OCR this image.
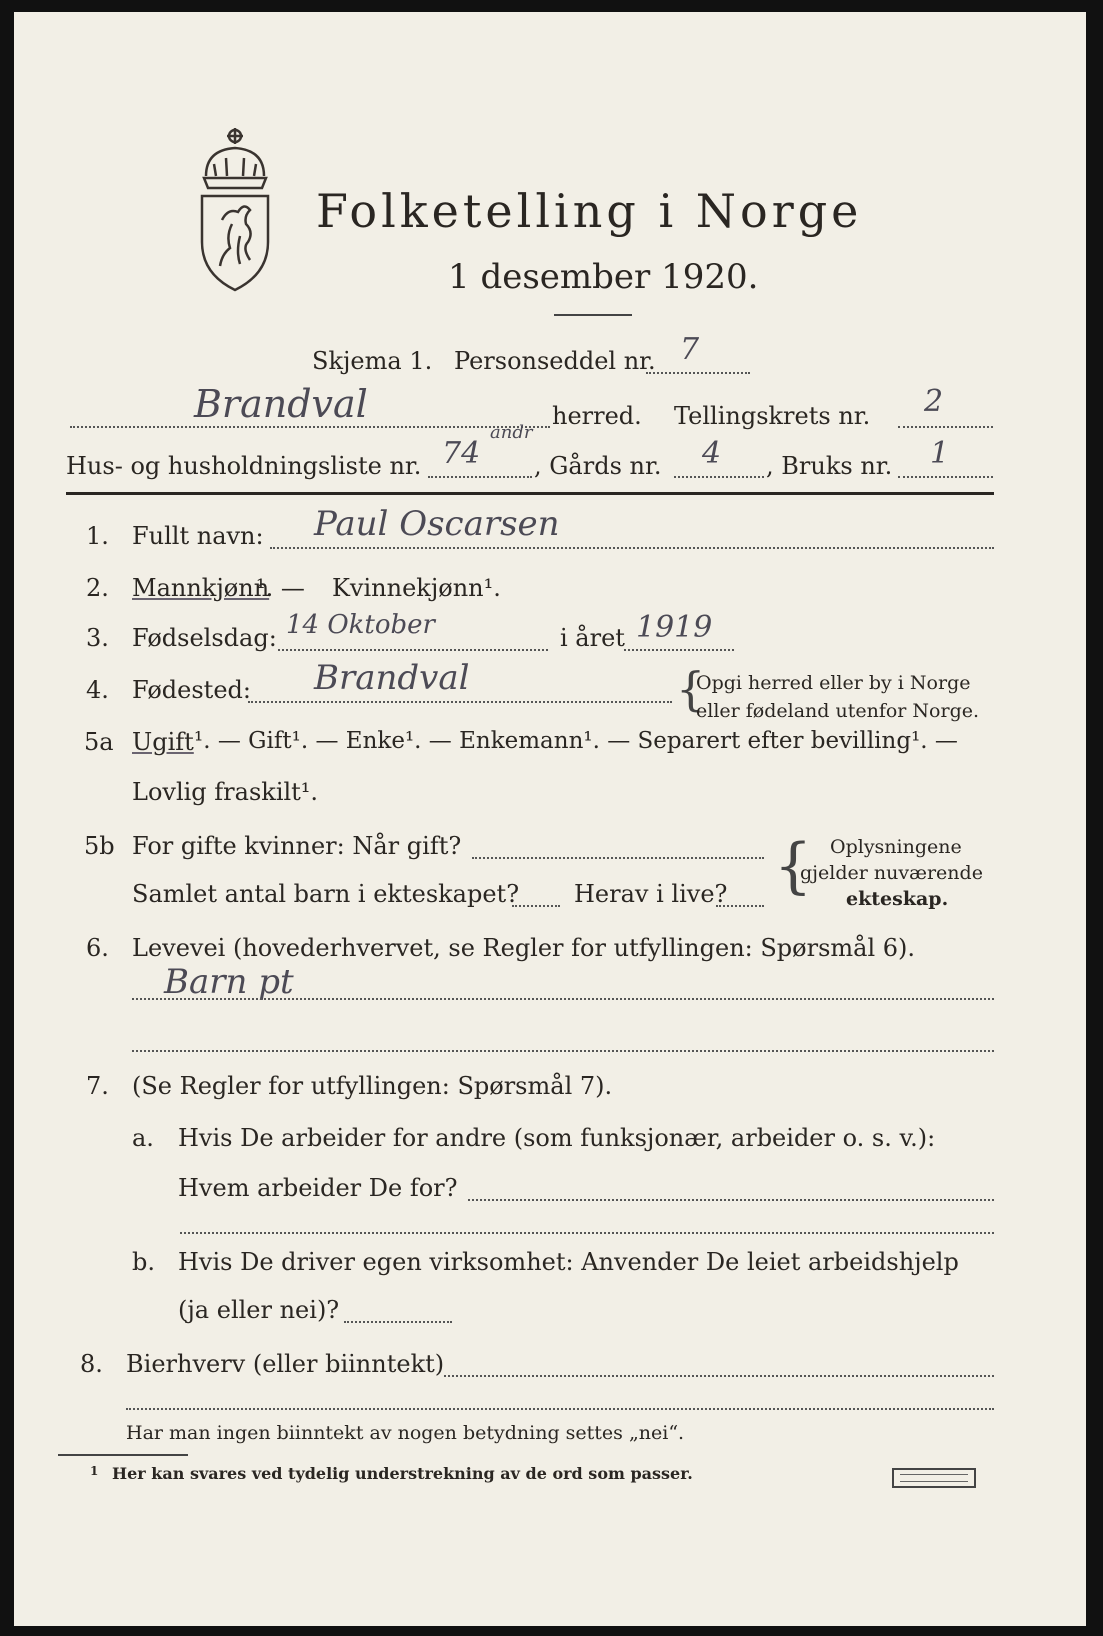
Folketelling i Norge
1 desember 1920.
Skjema 1. Personseddel nr. 7
Brandval	herred. Tellingskrets nr. 2
Hus- og husholdningsliste nr. 74
andr
, Gårds nr. 4 , Bruks nr. 1
1. Fullt navn: Paul Oscarsen
2. Mannkjønn
¹. — Kvinnekjønn¹.
3. Fødselsdag: 14 Oktober	i året 1919
4. Fødested: Brandval	{
Opgi herred eller by i Norge
eller fødeland utenfor Norge.
5a Ugift ¹. — Gift¹. — Enke¹. — Enkemann¹. — Separert efter bevilling¹. —
Lovlig fraskilt¹.
5b For gifte kvinner: Når gift?
Samlet antal barn i ekteskapet? Herav i live? { Oplysningene
gjelder nuværende
ekteskap.
6. Levevei (hovederhvervet, se Regler for utfyllingen: Spørsmål 6).
Barn pt
7. (Se Regler for utfyllingen: Spørsmål 7).
a. Hvis De arbeider for andre (som funksjonær, arbeider o. s. v.):
Hvem arbeider De for?
b. Hvis De driver egen virksomhet: Anvender De leiet arbeidshjelp
(ja eller nei)?
8. Bierhverv (eller biinntekt)
Har man ingen biinntekt av nogen betydning settes „nei“.
1 Her kan svares ved tydelig understrekning av de ord som passer.
